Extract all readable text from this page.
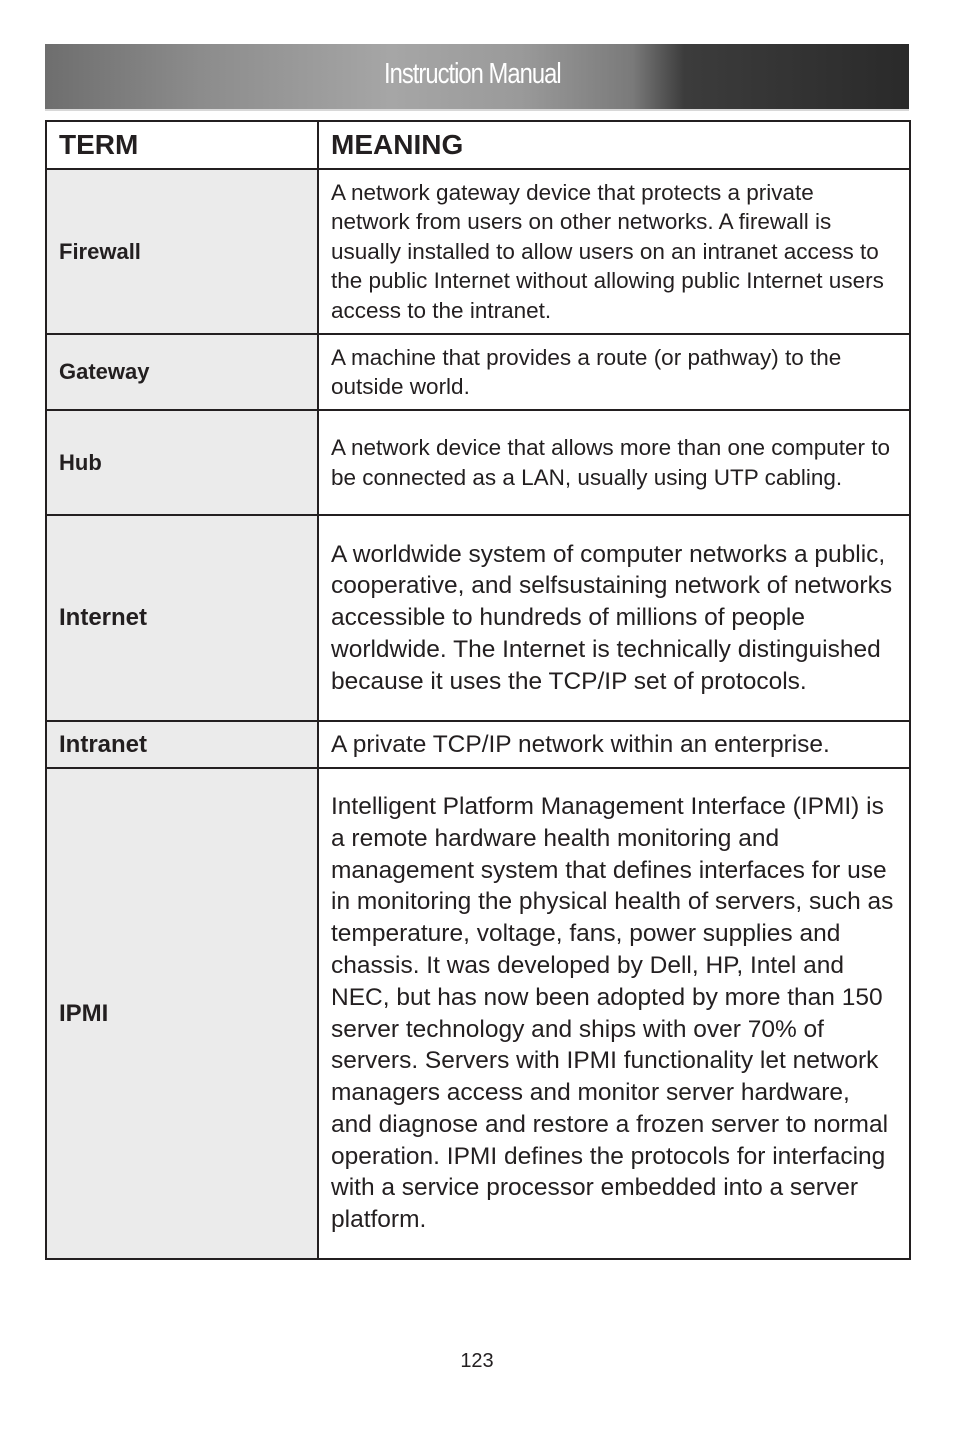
Instruction Manual
TERM	MEANING
Firewall	A network gateway device that protects a private network from users on other networks. A firewall is usually installed to allow users on an intranet access to the public Internet without allowing public Internet users access to the intranet.
Gateway	A machine that provides a route (or pathway) to the outside world.
Hub	A network device that allows more than one computer to be connected as a LAN, usually using UTP cabling.
Internet	A worldwide system of computer networks a public, cooperative, and selfsustaining network of networks accessible to hundreds of millions of people worldwide. The Internet is technically distinguished because it uses the TCP/IP set of protocols.
Intranet	A private TCP/IP network within an enterprise.
IPMI	Intelligent Platform Management Interface (IPMI) is a remote hardware health monitoring and management system that defines interfaces for use in monitoring the physical health of servers, such as temperature, voltage, fans, power supplies and chassis. It was developed by Dell, HP, Intel and NEC, but has now been adopted by more than 150 server technology and ships with over 70% of servers. Servers with IPMI functionality let network managers access and monitor server hardware, and diagnose and restore a frozen server to normal operation. IPMI defines the protocols for interfacing with a service processor embedded into a server platform.
123
